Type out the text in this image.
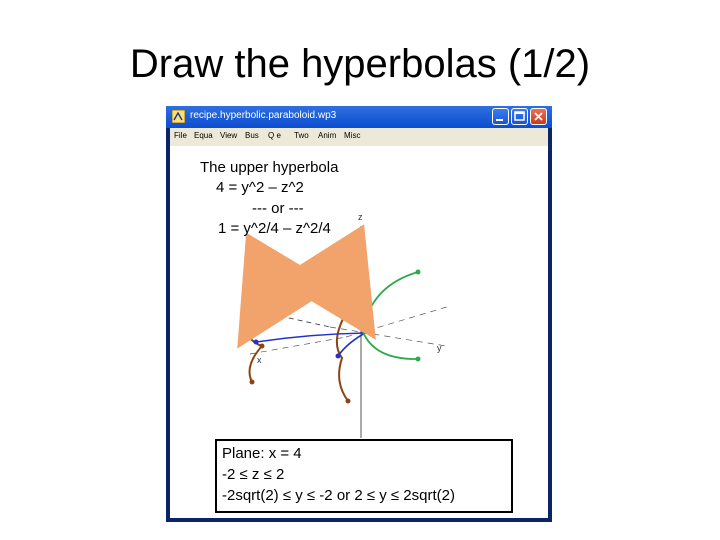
Draw the hyperbolas (1/2)
recipe.hyperbolic.paraboloid.wp3
File Equa View Bus Q e Two Anim Misc
The upper hyperbola
4 = y^2 – z^2
--- or ---
1 = y^2/4 – z^2/4
z
y
x
Plane: x = 4
-2 ≤ z ≤ 2
-2sqrt(2) ≤ y ≤ -2 or 2 ≤ y ≤ 2sqrt(2)
